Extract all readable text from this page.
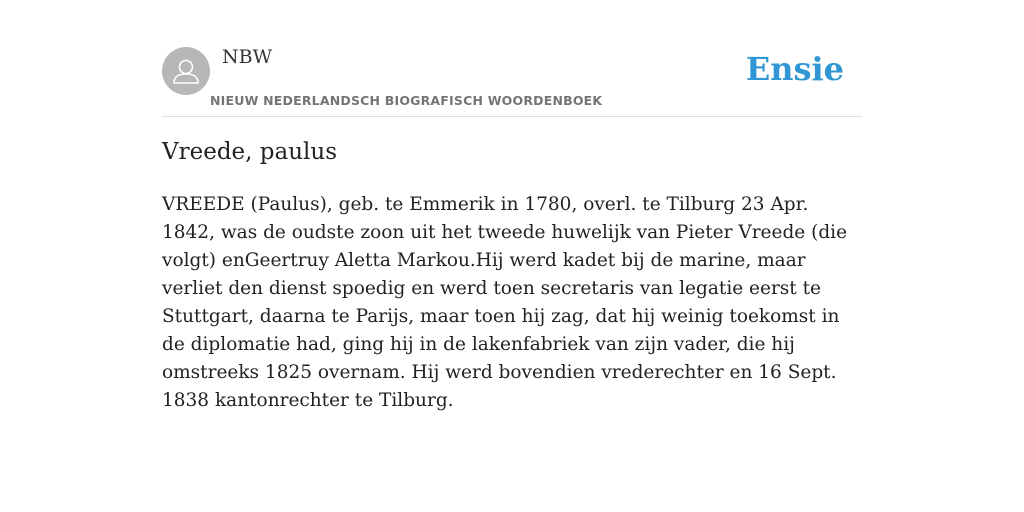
NBW
NIEUW NEDERLANDSCH BIOGRAFISCH WOORDENBOEK
Ensie
Vreede, paulus

VREEDE (Paulus), geb. te Emmerik in 1780, overl. te Tilburg 23 Apr. 1842, was de oudste zoon uit het tweede huwelijk van Pieter Vreede (die volgt) enGeertruy Aletta Markou.Hij werd kadet bij de marine, maar verliet den dienst spoedig en werd toen secretaris van legatie eerst te Stuttgart, daarna te Parijs, maar toen hij zag, dat hij weinig toekomst in de diplomatie had, ging hij in de lakenfabriek van zijn vader, die hij omstreeks 1825 overnam. Hij werd bovendien vrederechter en 16 Sept. 1838 kantonrechter te Tilburg.
